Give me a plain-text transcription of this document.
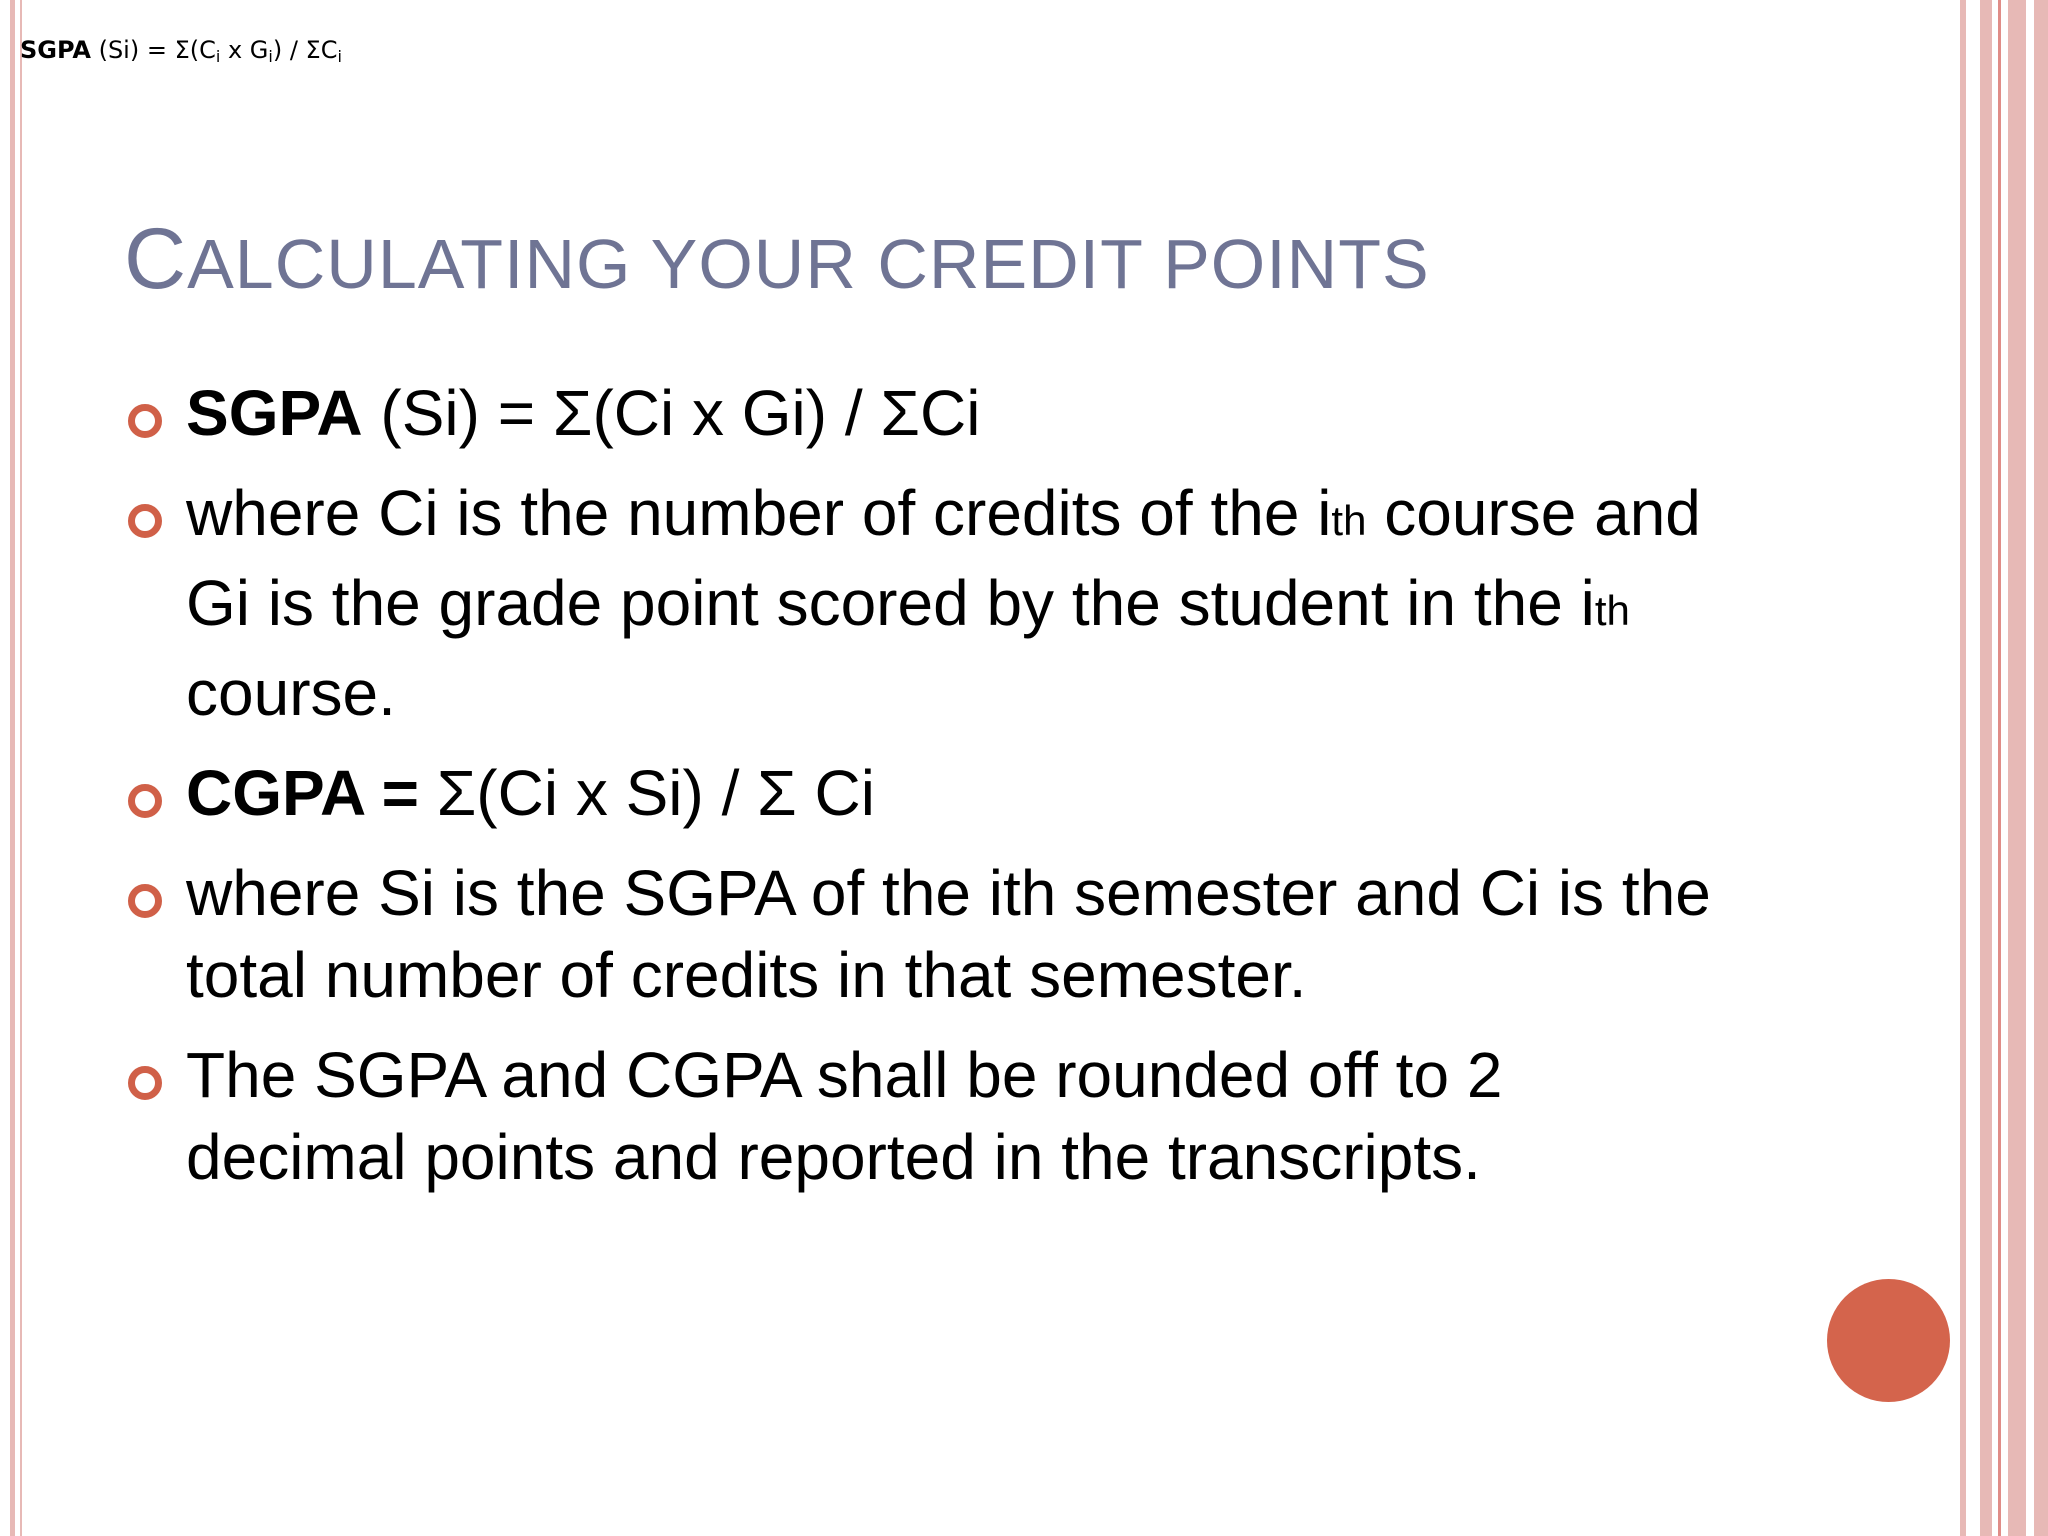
SGPA $(Si) = \Sigma(C_i$ x $G_i) / \Sigma C_i$
CALCULATING YOUR CREDIT POINTS
SGPA (Si) = Σ(Ci x Gi) / ΣCi
where Ci is the number of credits of the ith course and Gi is the grade point scored by the student in the ith course.
CGPA = Σ(Ci x Si) / Σ Ci
where Si is the SGPA of the ith semester and Ci is the total number of credits in that semester.
The SGPA and CGPA shall be rounded off to 2 decimal points and reported in the transcripts.
